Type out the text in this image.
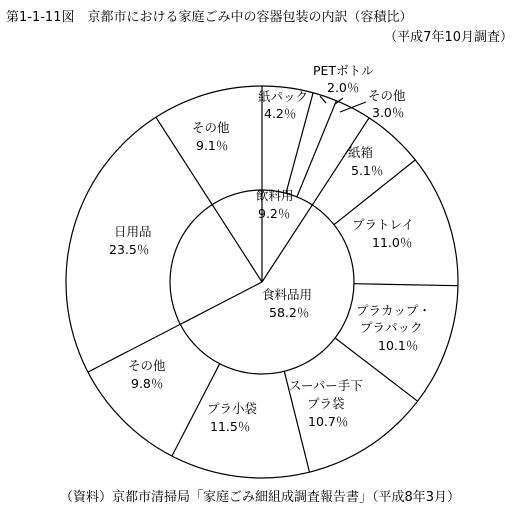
第1-1-11図　京都市における家庭ごみ中の容器包装の内訳（容積比）
（平成7年10月調査）
紙パック
4.2％
PETボトル
2.0％
その他
3.0％
紙箱
5.1％
プラトレイ
11.0％
プラカップ・
プラパック
10.1％
スーパー手下
プラ袋
10.7％
プラ小袋
11.5％
その他
9.8％
日用品
23.5％
その他
9.1％
飲料用
9.2％
食料品用
58.2％
（資料）京都市清掃局「家庭ごみ細組成調査報告書」（平成8年3月）
